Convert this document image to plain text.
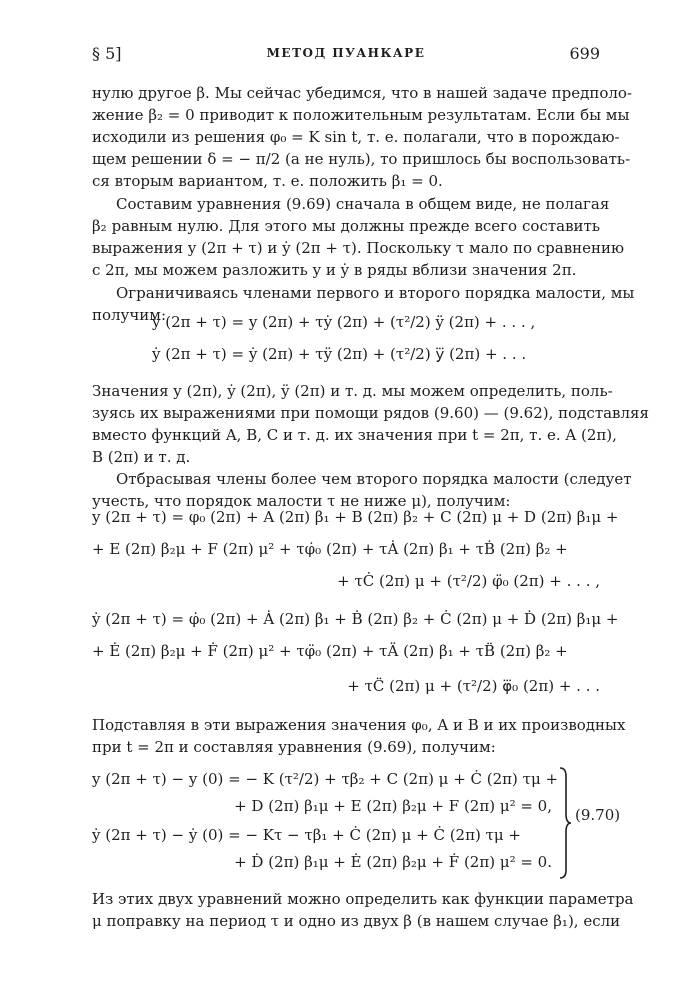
§ 5]	МЕТОД ПУАНКАРЕ	699
нулю другое β. Мы сейчас убедимся, что в нашей задаче предполо-
жение β₂ = 0 приводит к положительным результатам. Если бы мы
исходили из решения φ₀ = K sin t, т. е. полагали, что в порождаю-
щем решении δ = − π/2 (а не нуль), то пришлось бы воспользовать-
ся вторым вариантом, т. е. положить β₁ = 0.
Составим уравнения (9.69) сначала в общем виде, не полагая
β₂ равным нулю. Для этого мы должны прежде всего составить
выражения y (2π + τ) и ẏ (2π + τ). Поскольку τ мало по сравнению
с 2π, мы можем разложить y и ẏ в ряды вблизи значения 2π.
Ограничиваясь членами первого и второго порядка малости, мы
получим:
y (2π + τ) = y (2π) + τẏ (2π) + (τ²/2) ÿ (2π) + . . . ,
ẏ (2π + τ) = ẏ (2π) + τÿ (2π) + (τ²/2) y⃛ (2π) + . . .
Значения y (2π), ẏ (2π), ÿ (2π) и т. д. мы можем определить, поль-
зуясь их выражениями при помощи рядов (9.60) — (9.62), подставляя
вместо функций A, B, C и т. д. их значения при t = 2π, т. е. A (2π),
B (2π) и т. д.
Отбрасывая члены более чем второго порядка малости (следует
учесть, что порядок малости τ не ниже μ), получим:
y (2π + τ) = φ₀ (2π) + A (2π) β₁ + B (2π) β₂ + C (2π) μ + D (2π) β₁μ +
+ E (2π) β₂μ + F (2π) μ² + τφ̇₀ (2π) + τȦ (2π) β₁ + τḂ (2π) β₂ +
+ τĊ (2π) μ + (τ²/2) φ̈₀ (2π) + . . . ,
ẏ (2π + τ) = φ̇₀ (2π) + Ȧ (2π) β₁ + Ḃ (2π) β₂ + Ċ (2π) μ + Ḋ (2π) β₁μ +
+ Ė (2π) β₂μ + Ḟ (2π) μ² + τφ̈₀ (2π) + τÄ (2π) β₁ + τB̈ (2π) β₂ +
+ τC̈ (2π) μ + (τ²/2) φ⃛₀ (2π) + . . .
Подставляя в эти выражения значения φ₀, A и B и их производных
при t = 2π и составляя уравнения (9.69), получим:
y (2π + τ) − y (0) = − K (τ²/2) + τβ₂ + C (2π) μ + Ċ (2π) τμ +
+ D (2π) β₁μ + E (2π) β₂μ + F (2π) μ² = 0,
ẏ (2π + τ) − ẏ (0) = − Kτ − τβ₁ + Ċ (2π) μ + Ċ (2π) τμ +
+ Ḋ (2π) β₁μ + Ė (2π) β₂μ + Ḟ (2π) μ² = 0.
(9.70)
Из этих двух уравнений можно определить как функции параметра
μ поправку на период τ и одно из двух β (в нашем случае β₁), если
